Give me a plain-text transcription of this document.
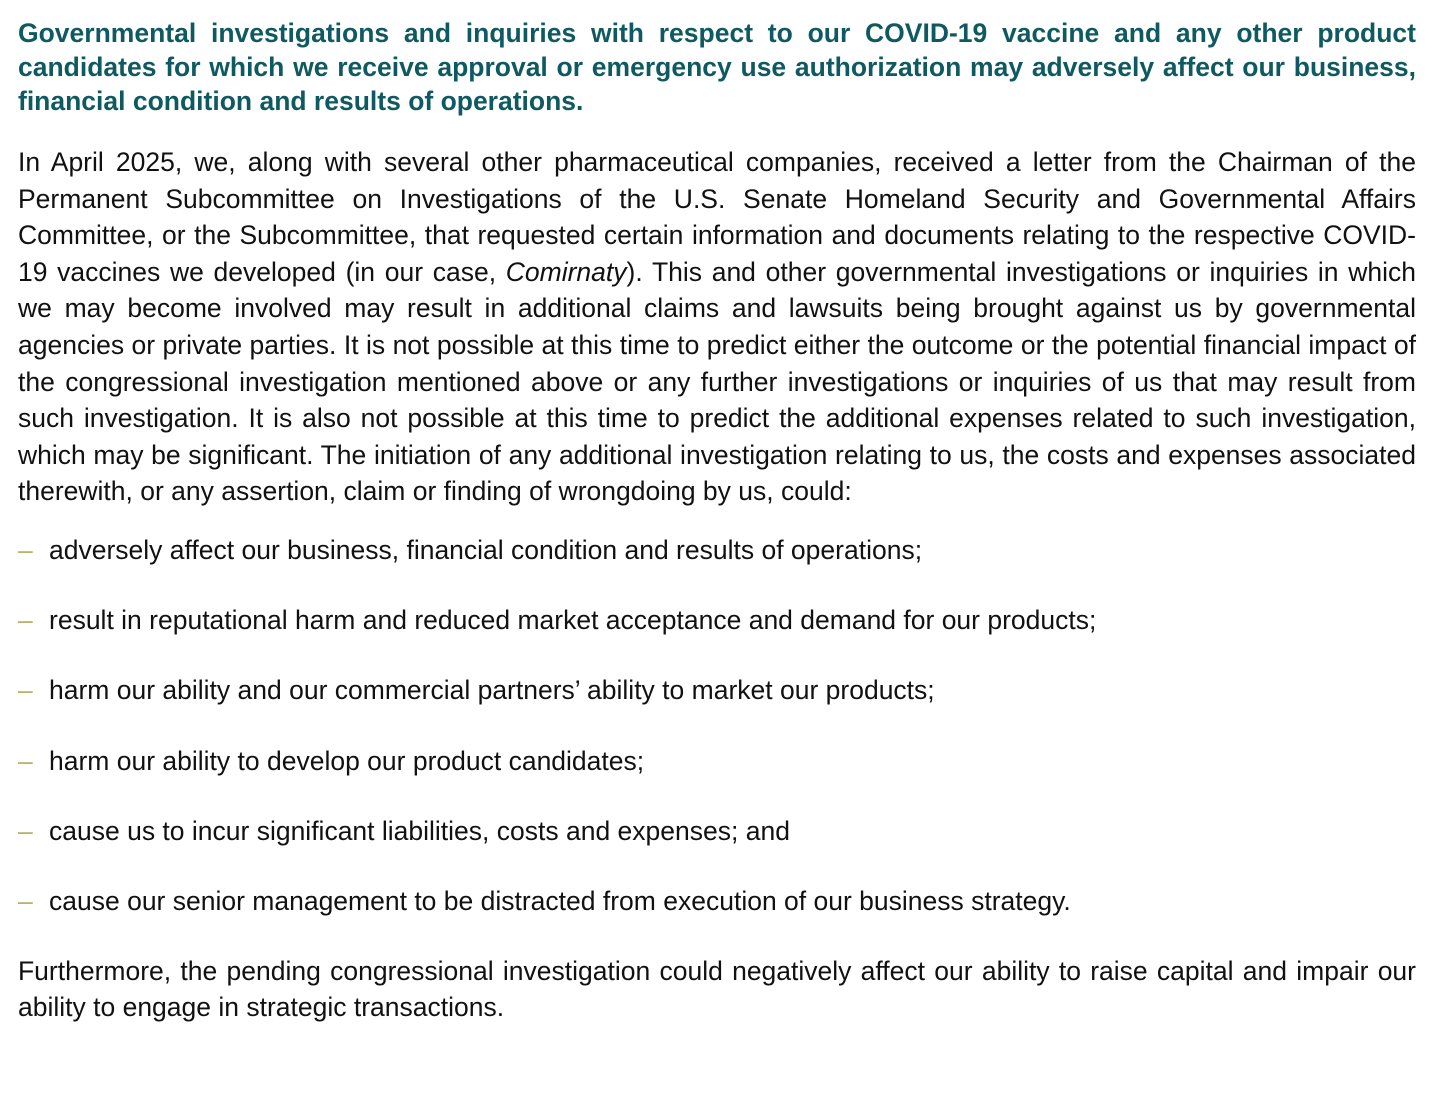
Governmental investigations and inquiries with respect to our COVID-19 vaccine and any other product candidates for which we receive approval or emergency use authorization may adversely affect our business, financial condition and results of operations.

In April 2025, we, along with several other pharmaceutical companies, received a letter from the Chairman of the Permanent Subcommittee on Investigations of the U.S. Senate Homeland Security and Governmental Affairs Committee, or the Subcommittee, that requested certain information and documents relating to the respective COVID-19 vaccines we developed (in our case, Comirnaty). This and other governmental investigations or inquiries in which we may become involved may result in additional claims and lawsuits being brought against us by governmental agencies or private parties. It is not possible at this time to predict either the outcome or the potential financial impact of the congressional investigation mentioned above or any further investigations or inquiries of us that may result from such investigation. It is also not possible at this time to predict the additional expenses related to such investigation, which may be significant. The initiation of any additional investigation relating to us, the costs and expenses associated therewith, or any assertion, claim or finding of wrongdoing by us, could:

– adversely affect our business, financial condition and results of operations;
– result in reputational harm and reduced market acceptance and demand for our products;
– harm our ability and our commercial partners’ ability to market our products;
– harm our ability to develop our product candidates;
– cause us to incur significant liabilities, costs and expenses; and
– cause our senior management to be distracted from execution of our business strategy.

Furthermore, the pending congressional investigation could negatively affect our ability to raise capital and impair our ability to engage in strategic transactions.
